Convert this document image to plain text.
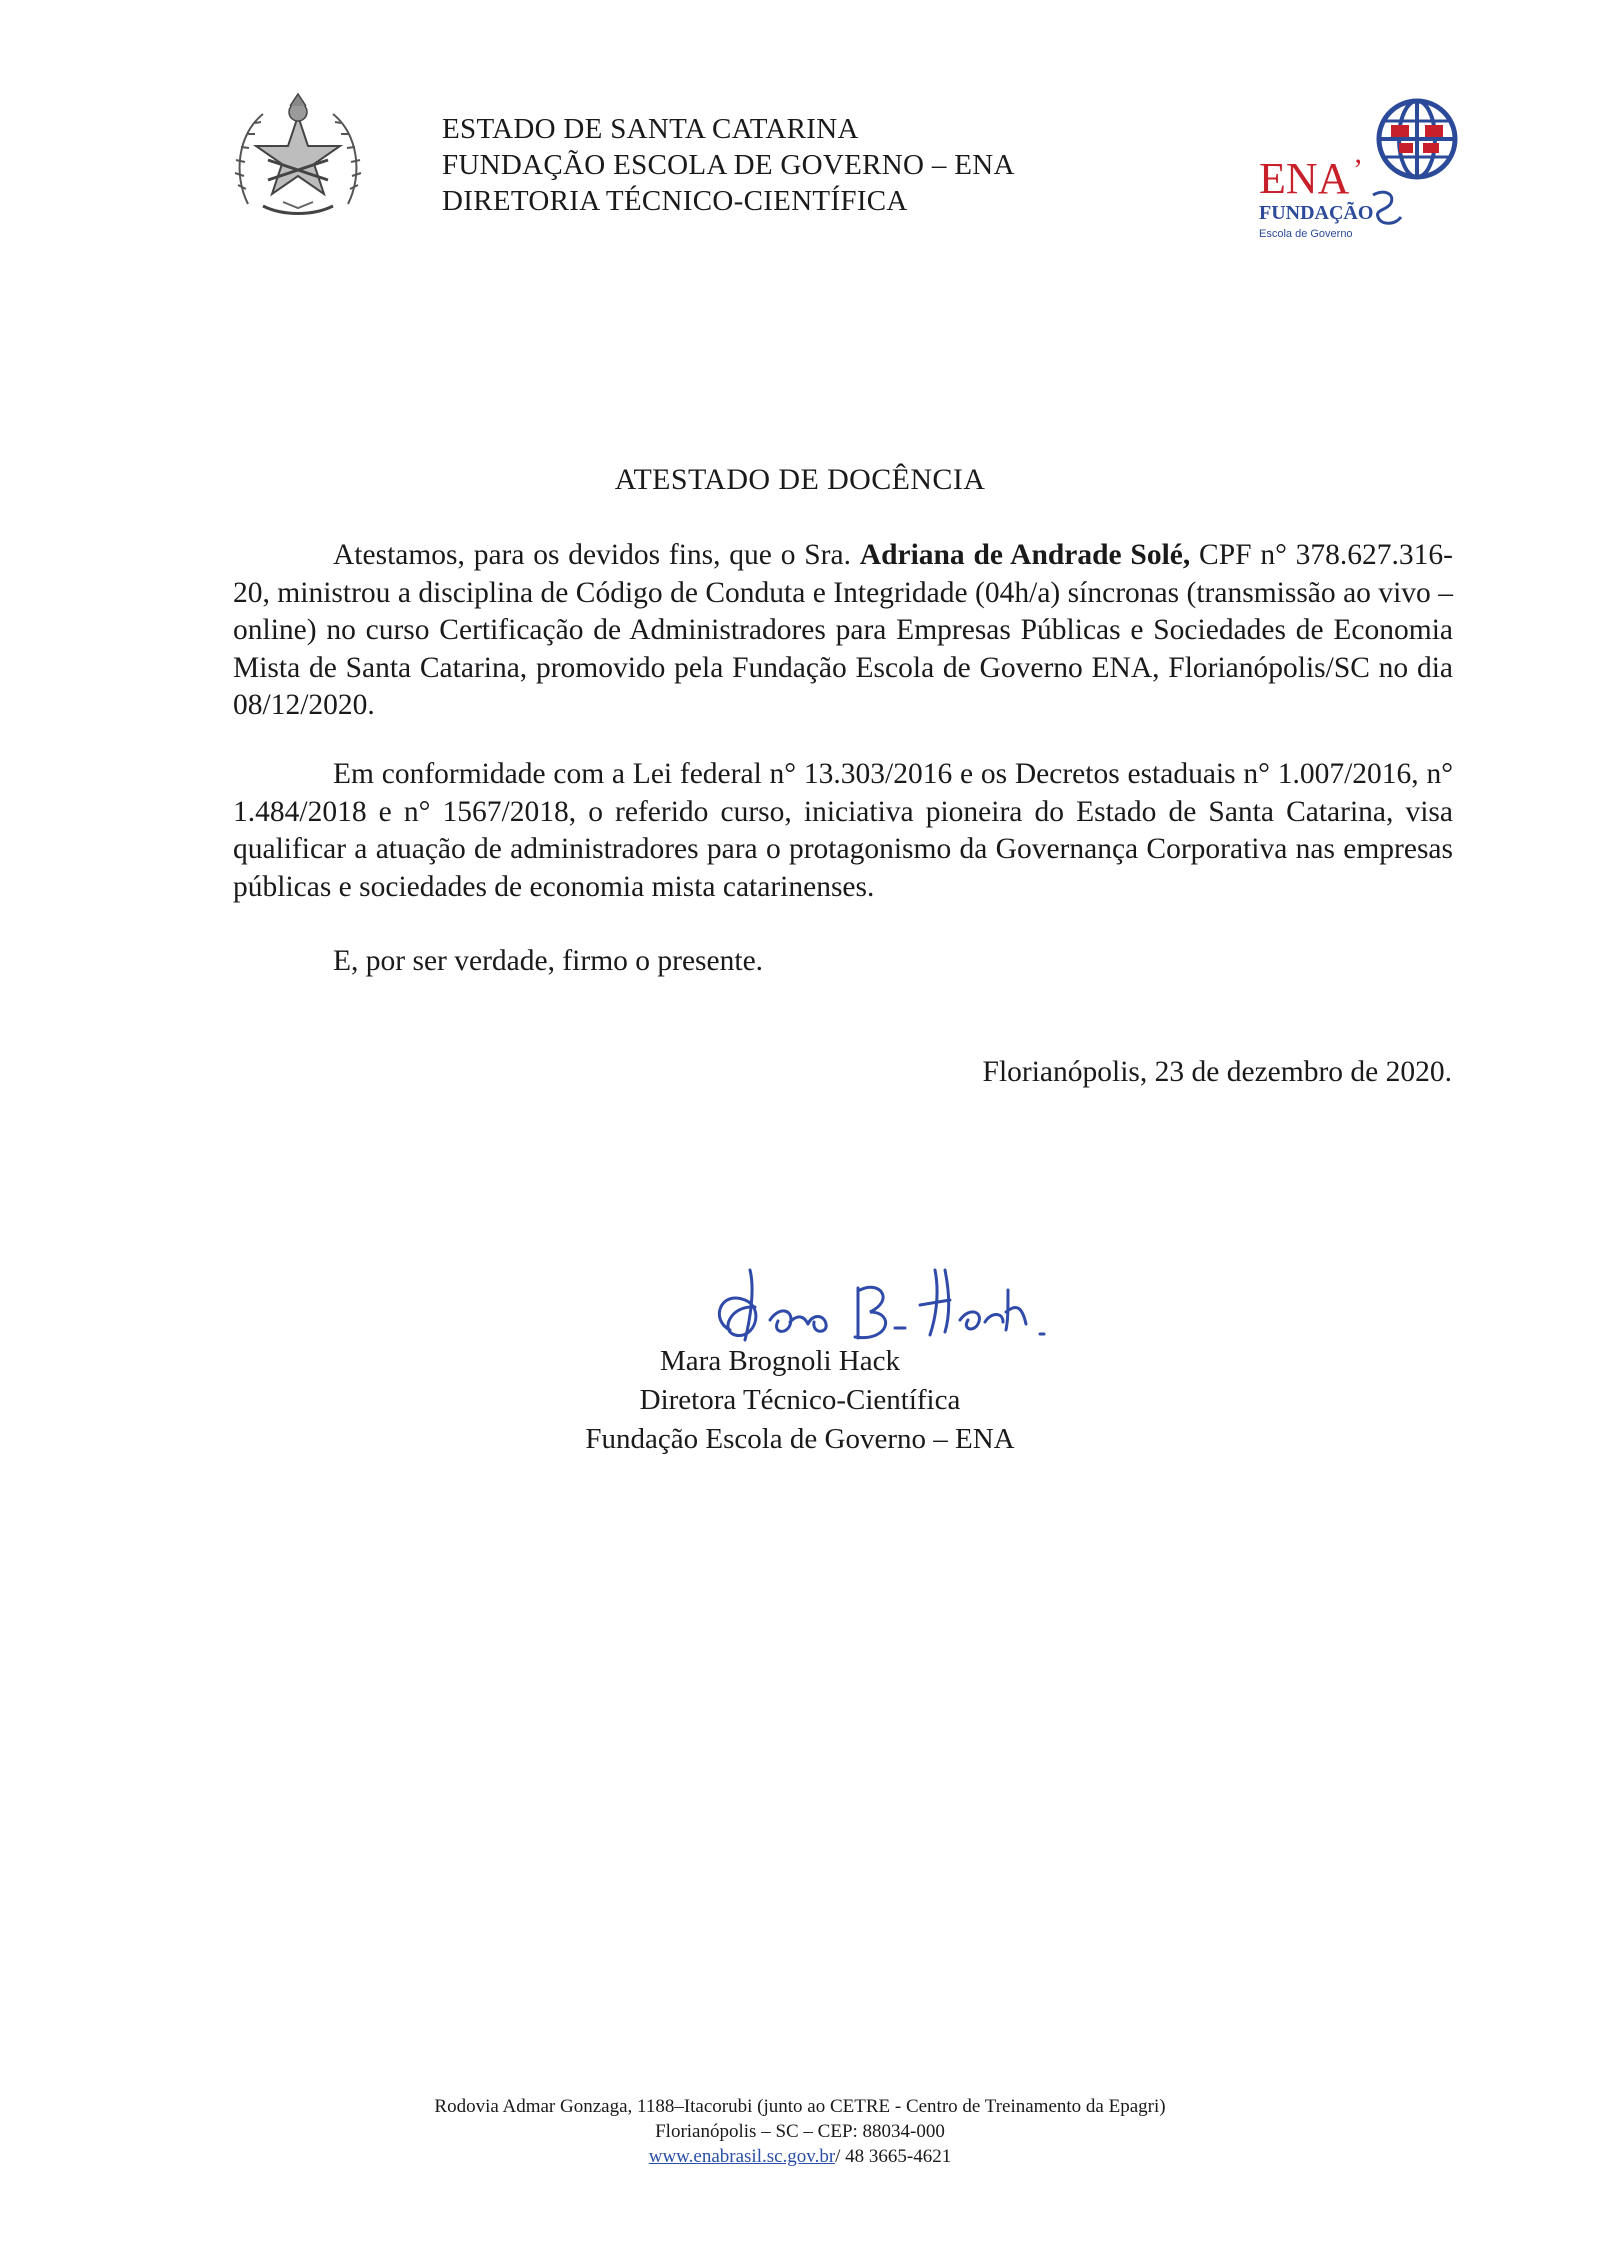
ESTADO DE SANTA CATARINA
FUNDAÇÃO ESCOLA DE GOVERNO – ENA
DIRETORIA TÉCNICO-CIENTÍFICA	ENA ’
FUNDAÇÃO
Escola de Governo
ATESTADO DE DOCÊNCIA

Atestamos, para os devidos fins, que o Sra. Adriana de Andrade Solé, CPF n° 378.627.316-20, ministrou a disciplina de Código de Conduta e Integridade (04h/a) síncronas (transmissão ao vivo – online) no curso Certificação de Administradores para Empresas Públicas e Sociedades de Economia Mista de Santa Catarina, promovido pela Fundação Escola de Governo ENA, Florianópolis/SC no dia 08/12/2020.

Em conformidade com a Lei federal n° 13.303/2016 e os Decretos estaduais n° 1.007/2016, n° 1.484/2018 e n° 1567/2018, o referido curso, iniciativa pioneira do Estado de Santa Catarina, visa qualificar a atuação de administradores para o protagonismo da Governança Corporativa nas empresas públicas e sociedades de economia mista catarinenses.

E, por ser verdade, firmo o presente.

Florianópolis, 23 de dezembro de 2020.
Mara Brognoli Hack
Diretora Técnico-Científica
Fundação Escola de Governo – ENA
Rodovia Admar Gonzaga, 1188–Itacorubi (junto ao CETRE - Centro de Treinamento da Epagri)
Florianópolis – SC – CEP: 88034-000
www.enabrasil.sc.gov.br/ 48 3665-4621
